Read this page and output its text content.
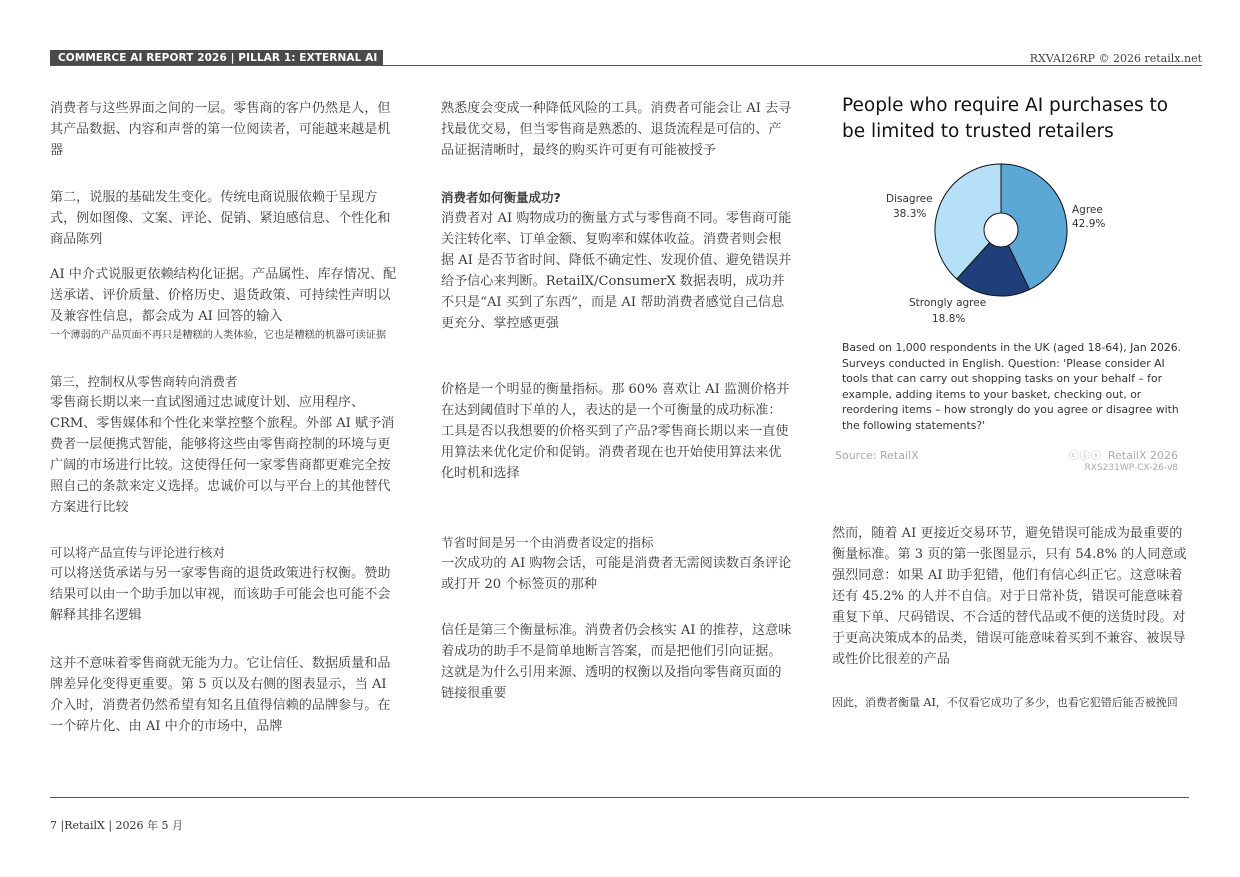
COMMERCE AI REPORT 2026 | PILLAR 1: EXTERNAL AI	RXVAI26RP © 2026 retailx.net

消费者与这些界面之间的一层。零售商的客户仍然是人，但其产品数据、内容和声誉的第一位阅读者，可能越来越是机器

第二，说服的基础发生变化。传统电商说服依赖于呈现方式，例如图像、文案、评论、促销、紧迫感信息、个性化和商品陈列

AI 中介式说服更依赖结构化证据。产品属性、库存情况、配送承诺、评价质量、价格历史、退货政策、可持续性声明以及兼容性信息，都会成为 AI 回答的输入

一个薄弱的产品页面不再只是糟糕的人类体验，它也是糟糕的机器可读证据

第三，控制权从零售商转向消费者

零售商长期以来一直试图通过忠诚度计划、应用程序、CRM、零售媒体和个性化来掌控整个旅程。外部 AI 赋予消费者一层便携式智能，能够将这些由零售商控制的环境与更广阔的市场进行比较。这使得任何一家零售商都更难完全按照自己的条款来定义选择。忠诚价可以与平台上的其他替代方案进行比较

可以将产品宣传与评论进行核对

可以将送货承诺与另一家零售商的退货政策进行权衡。赞助结果可以由一个助手加以审视，而该助手可能会也可能不会解释其排名逻辑

这并不意味着零售商就无能为力。它让信任、数据质量和品牌差异化变得更重要。第 5 页以及右侧的图表显示，当 AI 介入时，消费者仍然希望有知名且值得信赖的品牌参与。在一个碎片化、由 AI 中介的市场中，品牌

熟悉度会变成一种降低风险的工具。消费者可能会让 AI 去寻找最优交易，但当零售商是熟悉的、退货流程是可信的、产品证据清晰时，最终的购买许可更有可能被授予

消费者如何衡量成功?

消费者对 AI 购物成功的衡量方式与零售商不同。零售商可能关注转化率、订单金额、复购率和媒体收益。消费者则会根据 AI 是否节省时间、降低不确定性、发现价值、避免错误并给予信心来判断。RetailX/ConsumerX 数据表明，成功并不只是“AI 买到了东西”，而是 AI 帮助消费者感觉自己信息更充分、掌控感更强

价格是一个明显的衡量指标。那 60% 喜欢让 AI 监测价格并在达到阈值时下单的人，表达的是一个可衡量的成功标准：工具是否以我想要的价格买到了产品?零售商长期以来一直使用算法来优化定价和促销。消费者现在也开始使用算法来优化时机和选择

节省时间是另一个由消费者设定的指标

一次成功的 AI 购物会话，可能是消费者无需阅读数百条评论或打开 20 个标签页的那种

信任是第三个衡量标准。消费者仍会核实 AI 的推荐，这意味着成功的助手不是简单地断言答案，而是把他们引向证据。这就是为什么引用来源、透明的权衡以及指向零售商页面的链接很重要

People who require AI purchases to be limited to trusted retailers
Agree
42.9%
Strongly agree
18.8%
Disagree
38.3%
Based on 1,000 respondents in the UK (aged 18-64), Jan 2026. Surveys conducted in English. Question: 'Please consider AI tools that can carry out shopping tasks on your behalf – for example, adding items to your basket, checking out, or reordering items – how strongly do you agree or disagree with the following statements?'
Source: RetailX	ⓒⓘⓢ RetailX 2026
RXS231WP-CX-26-v8

然而，随着 AI 更接近交易环节，避免错误可能成为最重要的衡量标准。第 3 页的第一张图显示，只有 54.8% 的人同意或强烈同意：如果 AI 助手犯错，他们有信心纠正它。这意味着还有 45.2% 的人并不自信。对于日常补货，错误可能意味着重复下单、尺码错误、不合适的替代品或不便的送货时段。对于更高决策成本的品类，错误可能意味着买到不兼容、被误导或性价比很差的产品

因此，消费者衡量 AI，不仅看它成功了多少，也看它犯错后能否被挽回

7 |RetailX | 2026 年 5 月
